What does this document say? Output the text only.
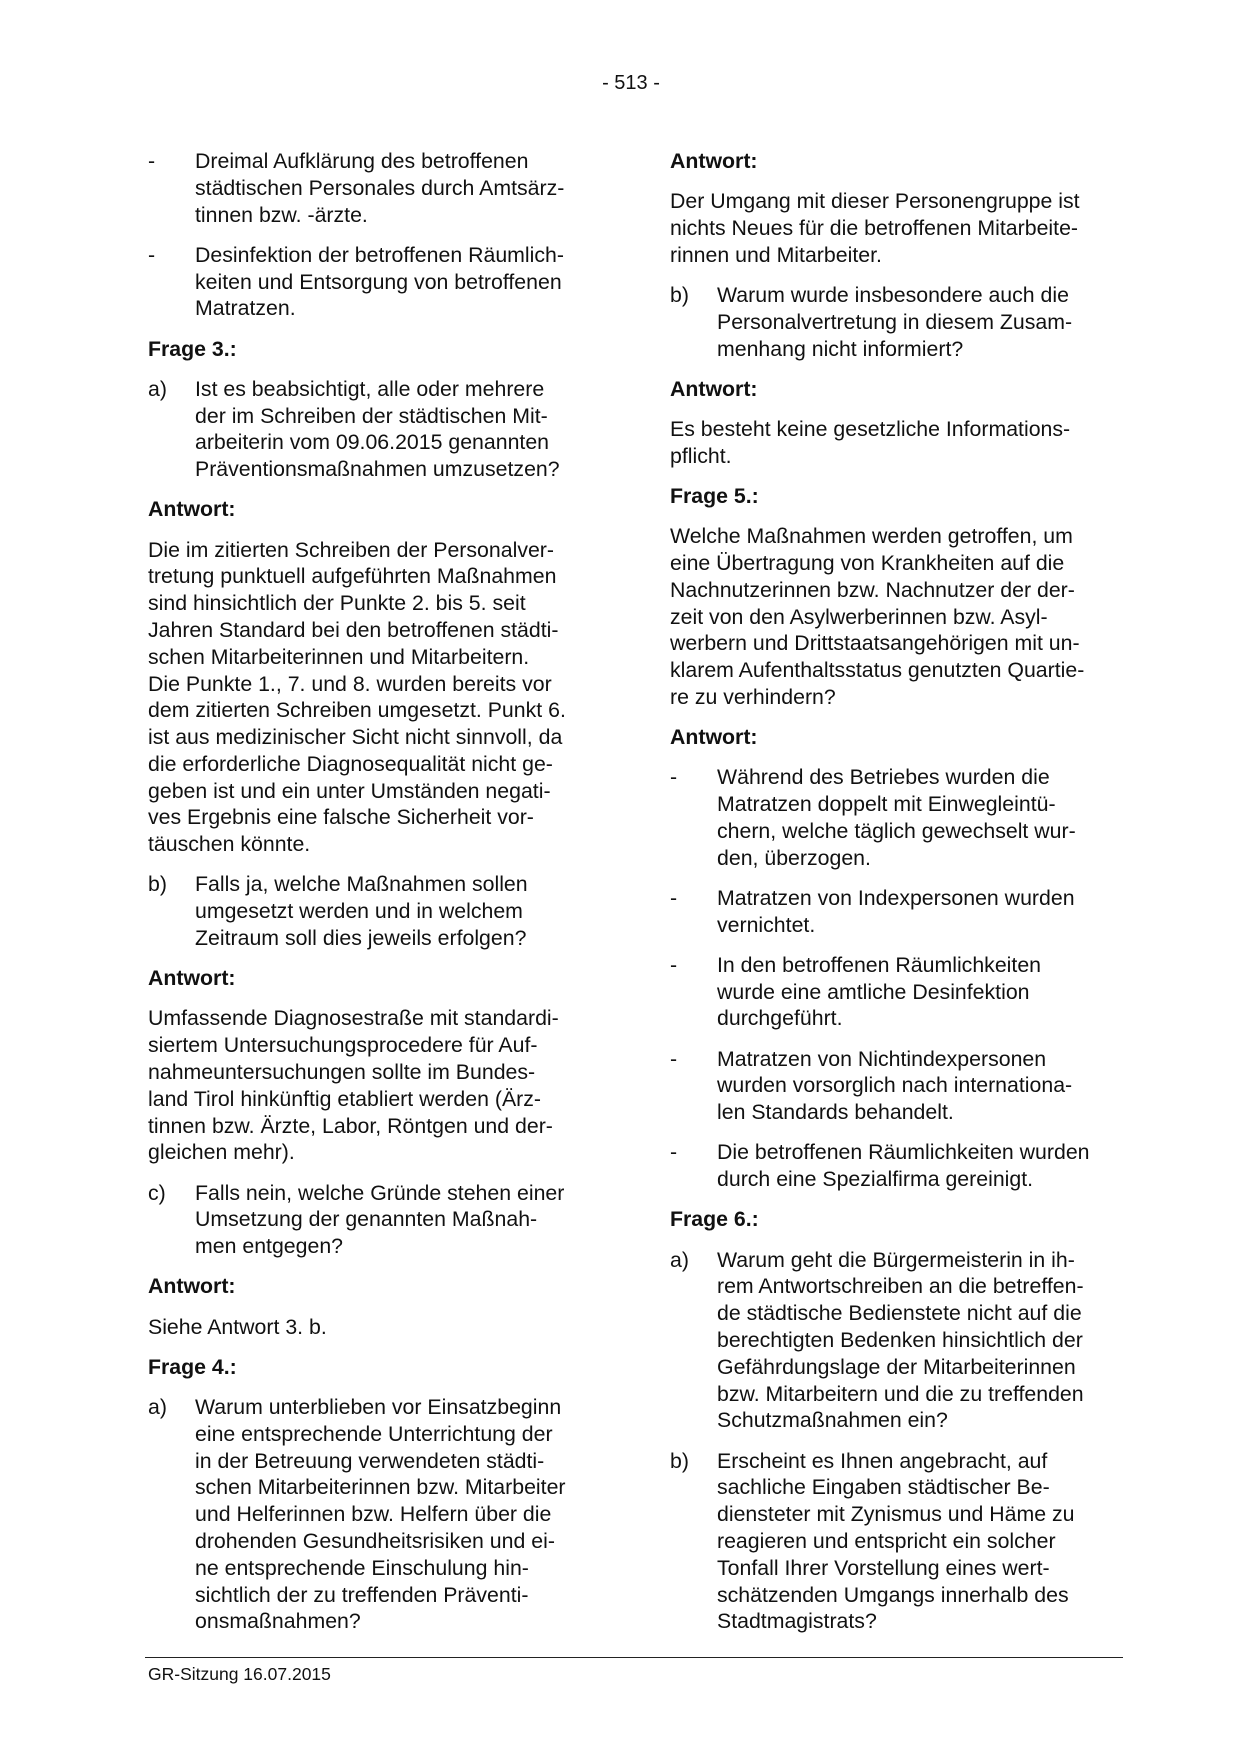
- 513 -
-	Dreimal Aufklärung des betroffenen
städtischen Personales durch Amtsärz-
tinnen bzw. -ärzte.
-	Desinfektion der betroffenen Räumlich-
keiten und Entsorgung von betroffenen
Matratzen.
Frage 3.:
a)	Ist es beabsichtigt, alle oder mehrere
der im Schreiben der städtischen Mit-
arbeiterin vom 09.06.2015 genannten
Präventionsmaßnahmen umzusetzen?
Antwort:
Die im zitierten Schreiben der Personalver-
tretung punktuell aufgeführten Maßnahmen
sind hinsichtlich der Punkte 2. bis 5. seit
Jahren Standard bei den betroffenen städti-
schen Mitarbeiterinnen und Mitarbeitern.
Die Punkte 1., 7. und 8. wurden bereits vor
dem zitierten Schreiben umgesetzt. Punkt 6.
ist aus medizinischer Sicht nicht sinnvoll, da
die erforderliche Diagnosequalität nicht ge-
geben ist und ein unter Umständen negati-
ves Ergebnis eine falsche Sicherheit vor-
täuschen könnte.
b)	Falls ja, welche Maßnahmen sollen
umgesetzt werden und in welchem
Zeitraum soll dies jeweils erfolgen?
Antwort:
Umfassende Diagnosestraße mit standardi-
siertem Untersuchungsprocedere für Auf-
nahmeuntersuchungen sollte im Bundes-
land Tirol hinkünftig etabliert werden (Ärz-
tinnen bzw. Ärzte, Labor, Röntgen und der-
gleichen mehr).
c)	Falls nein, welche Gründe stehen einer
Umsetzung der genannten Maßnah-
men entgegen?
Antwort:
Siehe Antwort 3. b.
Frage 4.:
a)	Warum unterblieben vor Einsatzbeginn
eine entsprechende Unterrichtung der
in der Betreuung verwendeten städti-
schen Mitarbeiterinnen bzw. Mitarbeiter
und Helferinnen bzw. Helfern über die
drohenden Gesundheitsrisiken und ei-
ne entsprechende Einschulung hin-
sichtlich der zu treffenden Präventi-
onsmaßnahmen?
Antwort:
Der Umgang mit dieser Personengruppe ist
nichts Neues für die betroffenen Mitarbeite-
rinnen und Mitarbeiter.
b)	Warum wurde insbesondere auch die
Personalvertretung in diesem Zusam-
menhang nicht informiert?
Antwort:
Es besteht keine gesetzliche Informations-
pflicht.
Frage 5.:
Welche Maßnahmen werden getroffen, um
eine Übertragung von Krankheiten auf die
Nachnutzerinnen bzw. Nachnutzer der der-
zeit von den Asylwerberinnen bzw. Asyl-
werbern und Drittstaatsangehörigen mit un-
klarem Aufenthaltsstatus genutzten Quartie-
re zu verhindern?
Antwort:
-	Während des Betriebes wurden die
Matratzen doppelt mit Einwegleintü-
chern, welche täglich gewechselt wur-
den, überzogen.
-	Matratzen von Indexpersonen wurden
vernichtet.
-	In den betroffenen Räumlichkeiten
wurde eine amtliche Desinfektion
durchgeführt.
-	Matratzen von Nichtindexpersonen
wurden vorsorglich nach internationa-
len Standards behandelt.
-	Die betroffenen Räumlichkeiten wurden
durch eine Spezialfirma gereinigt.
Frage 6.:
a)	Warum geht die Bürgermeisterin in ih-
rem Antwortschreiben an die betreffen-
de städtische Bedienstete nicht auf die
berechtigten Bedenken hinsichtlich der
Gefährdungslage der Mitarbeiterinnen
bzw. Mitarbeitern und die zu treffenden
Schutzmaßnahmen ein?
b)	Erscheint es Ihnen angebracht, auf
sachliche Eingaben städtischer Be-
diensteter mit Zynismus und Häme zu
reagieren und entspricht ein solcher
Tonfall Ihrer Vorstellung eines wert-
schätzenden Umgangs innerhalb des
Stadtmagistrats?
GR-Sitzung 16.07.2015
